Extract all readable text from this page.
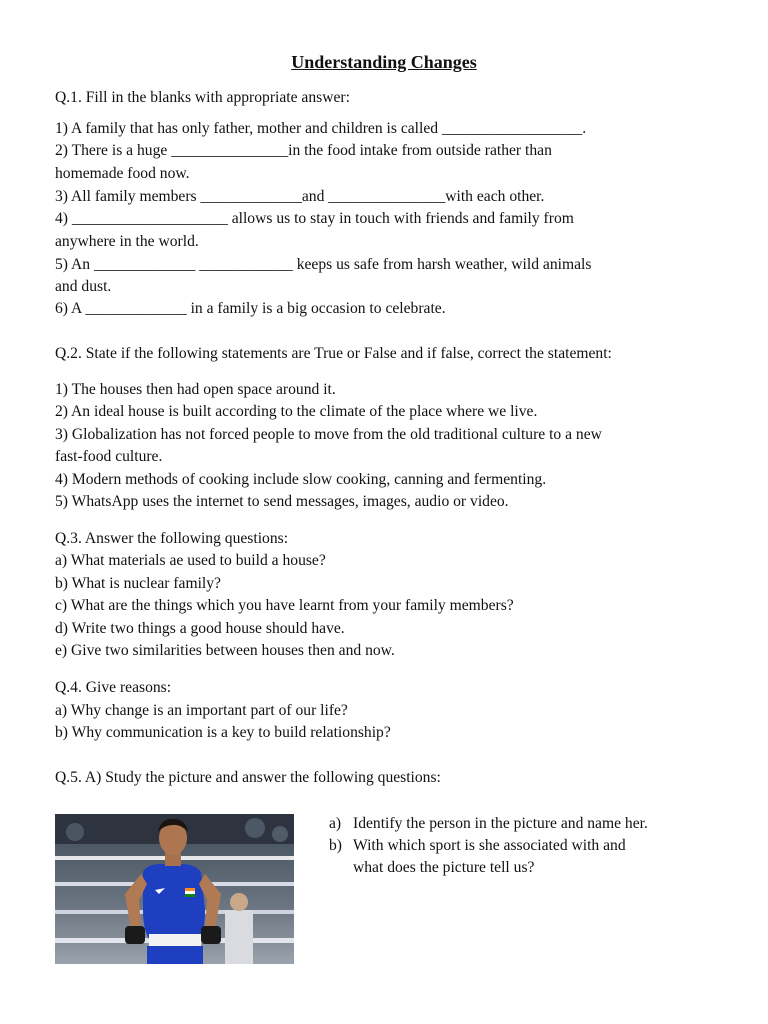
Understanding Changes
Q.1. Fill in the blanks with appropriate answer:
1) A family that has only father, mother and children is called __________________.
2) There is a huge _______________in the food intake from outside rather than
homemade food now.
3) All family members _____________and _______________with each other.
4) ____________________ allows us to stay in touch with friends and family from
anywhere in the world.
5) An _____________ ____________ keeps us safe from harsh weather, wild animals
and dust.
6) A _____________ in a family is a big occasion to celebrate.
Q.2. State if the following statements are True or False and if false, correct the statement:
1) The houses then had open space around it.
2) An ideal house is built according to the climate of the place where we live.
3) Globalization has not forced people to move from the old traditional culture to a new
fast-food culture.
4) Modern methods of cooking include slow cooking, canning and fermenting.
5) WhatsApp uses the internet to send messages, images, audio or video.
Q.3. Answer the following questions:
a) What materials ae used to build a house?
b) What is nuclear family?
c) What are the things which you have learnt from your family members?
d) Write two things a good house should have.
e) Give two similarities between houses then and now.
Q.4. Give reasons:
a) Why change is an important part of our life?
b) Why communication is a key to build relationship?
Q.5. A) Study the picture and answer the following questions:
a) Identify the person in the picture and name her.
b) With which sport is she associated with and
what does the picture tell us?
